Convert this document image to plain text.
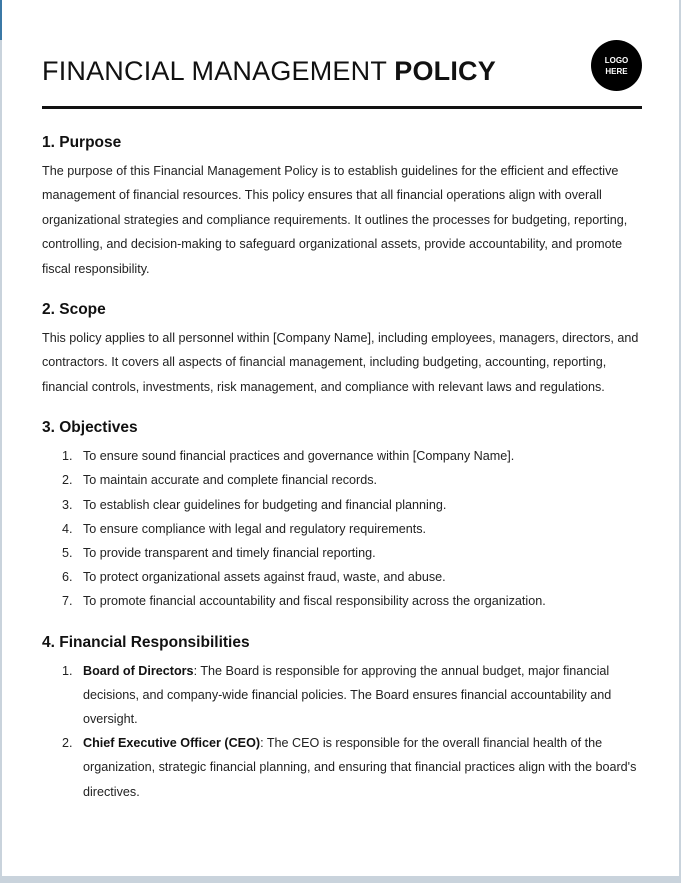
FINANCIAL MANAGEMENT POLICY	LOGO
HERE
1. Purpose

The purpose of this Financial Management Policy is to establish guidelines for the efficient and effective management of financial resources. This policy ensures that all financial operations align with overall organizational strategies and compliance requirements. It outlines the processes for budgeting, reporting, controlling, and decision-making to safeguard organizational assets, provide accountability, and promote fiscal responsibility.

2. Scope

This policy applies to all personnel within [Company Name], including employees, managers, directors, and contractors. It covers all aspects of financial management, including budgeting, accounting, reporting, financial controls, investments, risk management, and compliance with relevant laws and regulations.

3. Objectives
1. To ensure sound financial practices and governance within [Company Name].
2. To maintain accurate and complete financial records.
3. To establish clear guidelines for budgeting and financial planning.
4. To ensure compliance with legal and regulatory requirements.
5. To provide transparent and timely financial reporting.
6. To protect organizational assets against fraud, waste, and abuse.
7. To promote financial accountability and fiscal responsibility across the organization.
4. Financial Responsibilities
1. Board of Directors: The Board is responsible for approving the annual budget, major financial decisions, and company-wide financial policies. The Board ensures financial accountability and oversight.
2. Chief Executive Officer (CEO): The CEO is responsible for the overall financial health of the organization, strategic financial planning, and ensuring that financial practices align with the board's directives.
